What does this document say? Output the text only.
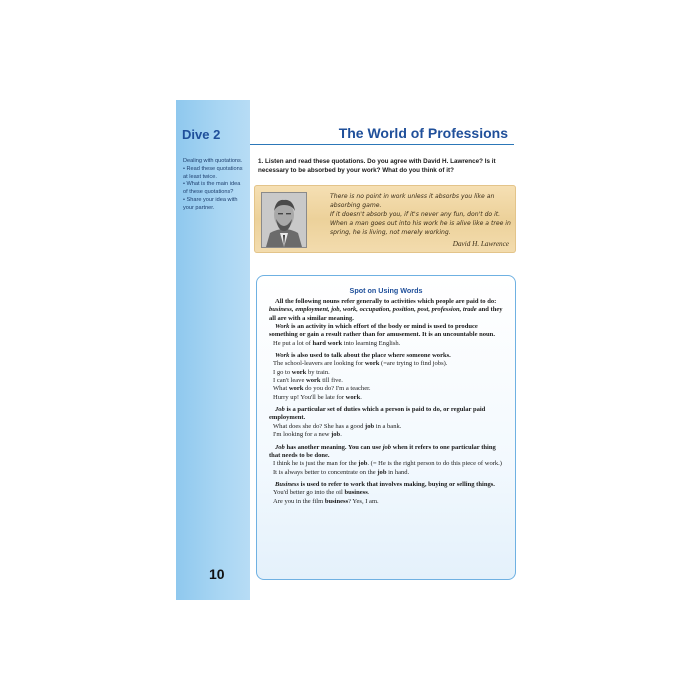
Dive 2
Dealing with quotations.
• Read these quotations at least twice.
• What is the main idea of these quotations?
• Share your idea with your partner.
10
The World of Professions
1. Listen and read these quotations. Do you agree with David H. Lawrence? Is it necessary to be absorbed by your work? What do you think of it?
There is no point in work unless it absorbs you like an absorbing game.
If it doesn't absorb you, if it's never any fun, don't do it.
When a man goes out into his work he is alive like a tree in spring, he is living, not merely working.
David H. Lawrence
Spot on Using Words

All the following nouns refer generally to activities which people are paid to do: business, employment, job, work, occupation, position, post, profession, trade and they all are with a similar meaning.

Work is an activity in which effort of the body or mind is used to produce something or gain a result rather than for amusement. It is an uncountable noun.

He put a lot of hard work into learning English.

Work is also used to talk about the place where someone works.

The school-leavers are looking for work (=are trying to find jobs).

I go to work by train.

I can't leave work till five.

What work do you do? I'm a teacher.

Hurry up! You'll be late for work.

Job is a particular set of duties which a person is paid to do, or regular paid employment.

What does she do? She has a good job in a bank.

I'm looking for a new job.

Job has another meaning. You can use job when it refers to one particular thing that needs to be done.

I think he is just the man for the job. (= He is the right person to do this piece of work.)

It is always better to concentrate on the job in hand.

Business is used to refer to work that involves making, buying or selling things.

You'd better go into the oil business.

Are you in the film business? Yes, I am.
